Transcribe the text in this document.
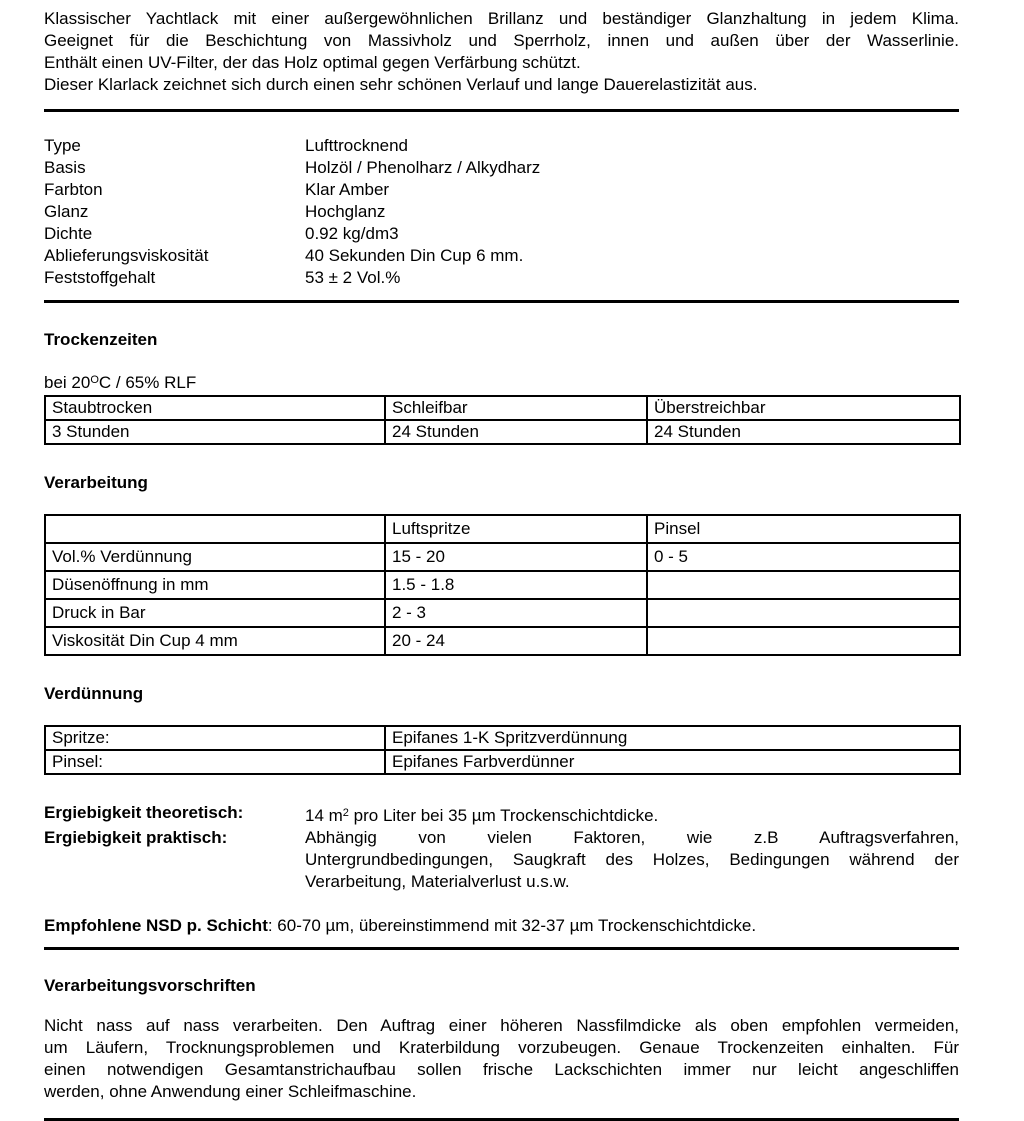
Klassischer Yachtlack mit einer außergewöhnlichen Brillanz und beständiger Glanzhaltung in jedem Klima.
Geeignet für die Beschichtung von Massivholz und Sperrholz, innen und außen über der Wasserlinie.
Enthält einen UV-Filter, der das Holz optimal gegen Verfärbung schützt.
Dieser Klarlack zeichnet sich durch einen sehr schönen Verlauf und lange Dauerelastizität aus.
Type	Lufttrocknend
Basis	Holzöl / Phenolharz / Alkydharz
Farbton	Klar Amber
Glanz	Hochglanz
Dichte	0.92 kg/dm3
Ablieferungsviskosität	40 Sekunden Din Cup 6 mm.
Feststoffgehalt	53 ± 2 Vol.%
Trockenzeiten
bei $20^OC / 65\%$ RLF
Staubtrocken	Schleifbar	Überstreichbar
3 Stunden	24 Stunden	24 Stunden
Verarbeitung
	Luftspritze	Pinsel
Vol.% Verdünnung	15 - 20	0 - 5
Düsenöffnung in mm	1.5 - 1.8	
Druck in Bar	2 - 3	
Viskosität Din Cup 4 mm	20 - 24	
Verdünnung
Spritze:	Epifanes 1-K Spritzverdünnung
Pinsel:	Epifanes Farbverdünner
Ergiebigkeit theoretisch:	14 $m^2$ pro Liter bei 35 µm Trockenschichtdicke.
Ergiebigkeit praktisch:	Abhängig von vielen Faktoren, wie z.B Auftragsverfahren,
Untergrundbedingungen, Saugkraft des Holzes, Bedingungen während der
Verarbeitung, Materialverlust u.s.w.
Empfohlene NSD p. Schicht: 60-70 µm, übereinstimmend mit 32-37 µm Trockenschichtdicke.
Verarbeitungsvorschriften
Nicht nass auf nass verarbeiten. Den Auftrag einer höheren Nassfilmdicke als oben empfohlen vermeiden,
um Läufern, Trocknungsproblemen und Kraterbildung vorzubeugen. Genaue Trockenzeiten einhalten. Für
einen notwendigen Gesamtanstrichaufbau sollen frische Lackschichten immer nur leicht angeschliffen
werden, ohne Anwendung einer Schleifmaschine.
